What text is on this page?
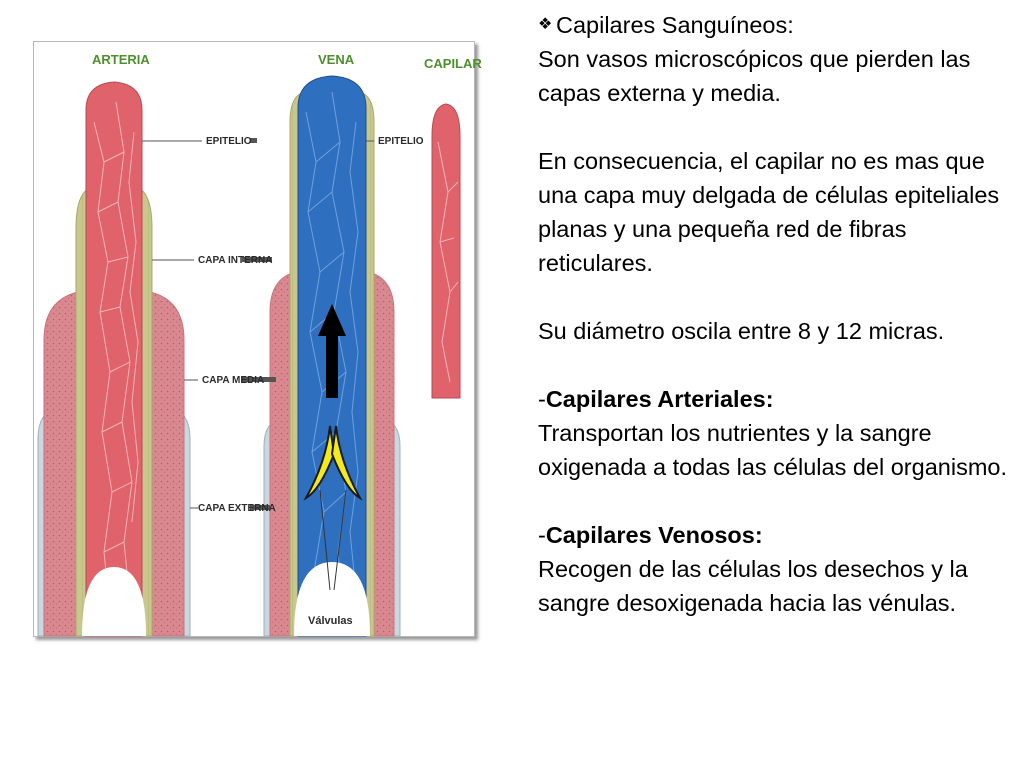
ARTERIA	VENA	CAPILAR
EPITELIO	EPITELIO
CAPA INTERNA
CAPA MEDIA
CAPA EXTERNA
Válvulas

❖ Capilares Sanguíneos:

Son vasos microscópicos que pierden las capas externa y media.

En consecuencia, el capilar no es mas que una capa muy delgada de células epiteliales planas y una pequeña red de fibras reticulares.

Su diámetro oscila entre 8 y 12 micras.

-Capilares Arteriales:

Transportan los nutrientes y la sangre oxigenada a todas las células del organismo.

-Capilares Venosos:

Recogen de las células los desechos y la sangre desoxigenada hacia las vénulas.
